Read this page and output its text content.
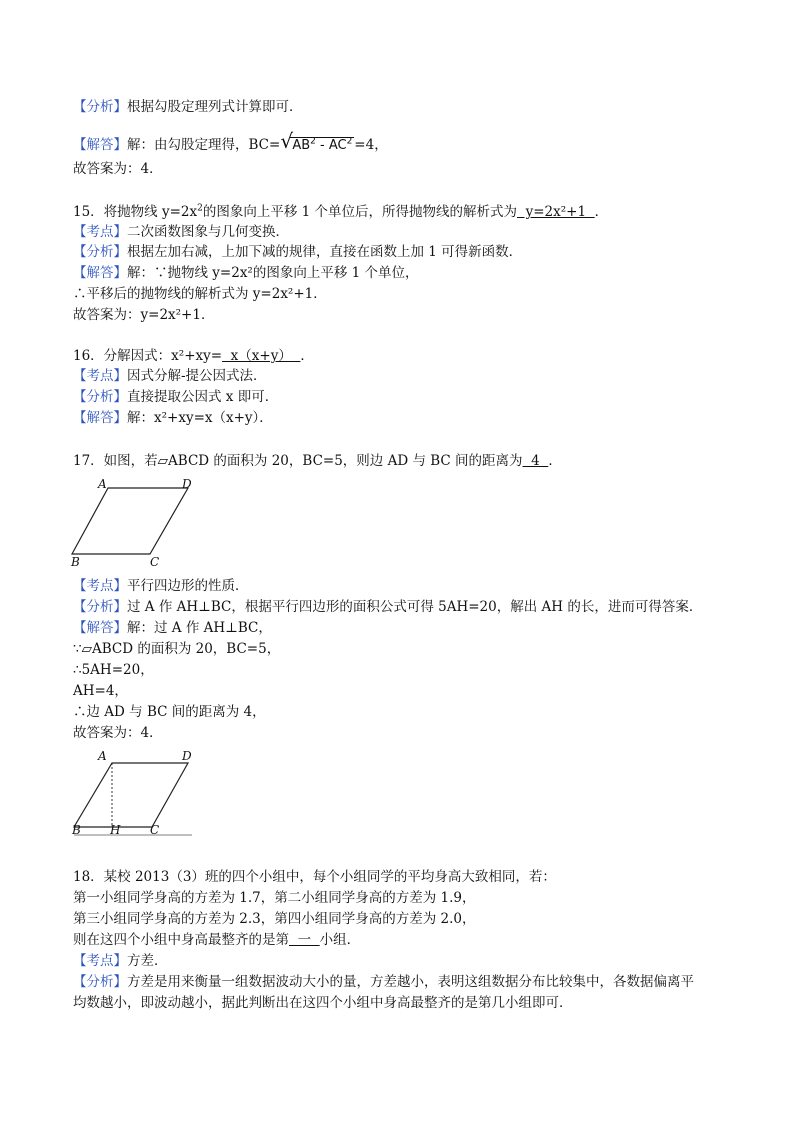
【分析】根据勾股定理列式计算即可．
【解答】解：由勾股定理得，BC= √ $AB^2 - AC^2 =4$，
故答案为：4．
15．将抛物线 $y=2x^2$的图象向上平移 1 个单位后，所得抛物线的解析式为  y=2x²+1  ．
【考点】二次函数图象与几何变换．
【分析】根据左加右减，上加下减的规律，直接在函数上加 1 可得新函数．
【解答】解：∵抛物线 y=2x²的图象向上平移 1 个单位，
∴平移后的抛物线的解析式为 y=2x²+1．
故答案为：y=2x²+1．
16．分解因式：x²+xy=  x（x+y）  ．
【考点】因式分解-提公因式法．
【分析】直接提取公因式 x 即可．
【解答】解：x²+xy=x（x+y）．
17．如图，若▱ABCD 的面积为 20，BC=5，则边 AD 与 BC 间的距离为  4  ．
A	D
B	C
【考点】平行四边形的性质．
【分析】过 A 作 AH⊥BC，根据平行四边形的面积公式可得 5AH=20，解出 AH 的长，进而可得答案．
【解答】解：过 A 作 AH⊥BC，
∵▱ABCD 的面积为 20，BC=5，
∴5AH=20，
AH=4，
∴边 AD 与 BC 间的距离为 4，
故答案为：4．
A	D
B H C
18．某校 2013（3）班的四个小组中，每个小组同学的平均身高大致相同，若：
第一小组同学身高的方差为 1.7，第二小组同学身高的方差为 1.9，
第三小组同学身高的方差为 2.3，第四小组同学身高的方差为 2.0，
则在这四个小组中身高最整齐的是第  一  小组．
【考点】方差．
【分析】方差是用来衡量一组数据波动大小的量，方差越小，表明这组数据分布比较集中，各数据偏离平
均数越小，即波动越小，据此判断出在这四个小组中身高最整齐的是第几小组即可．
